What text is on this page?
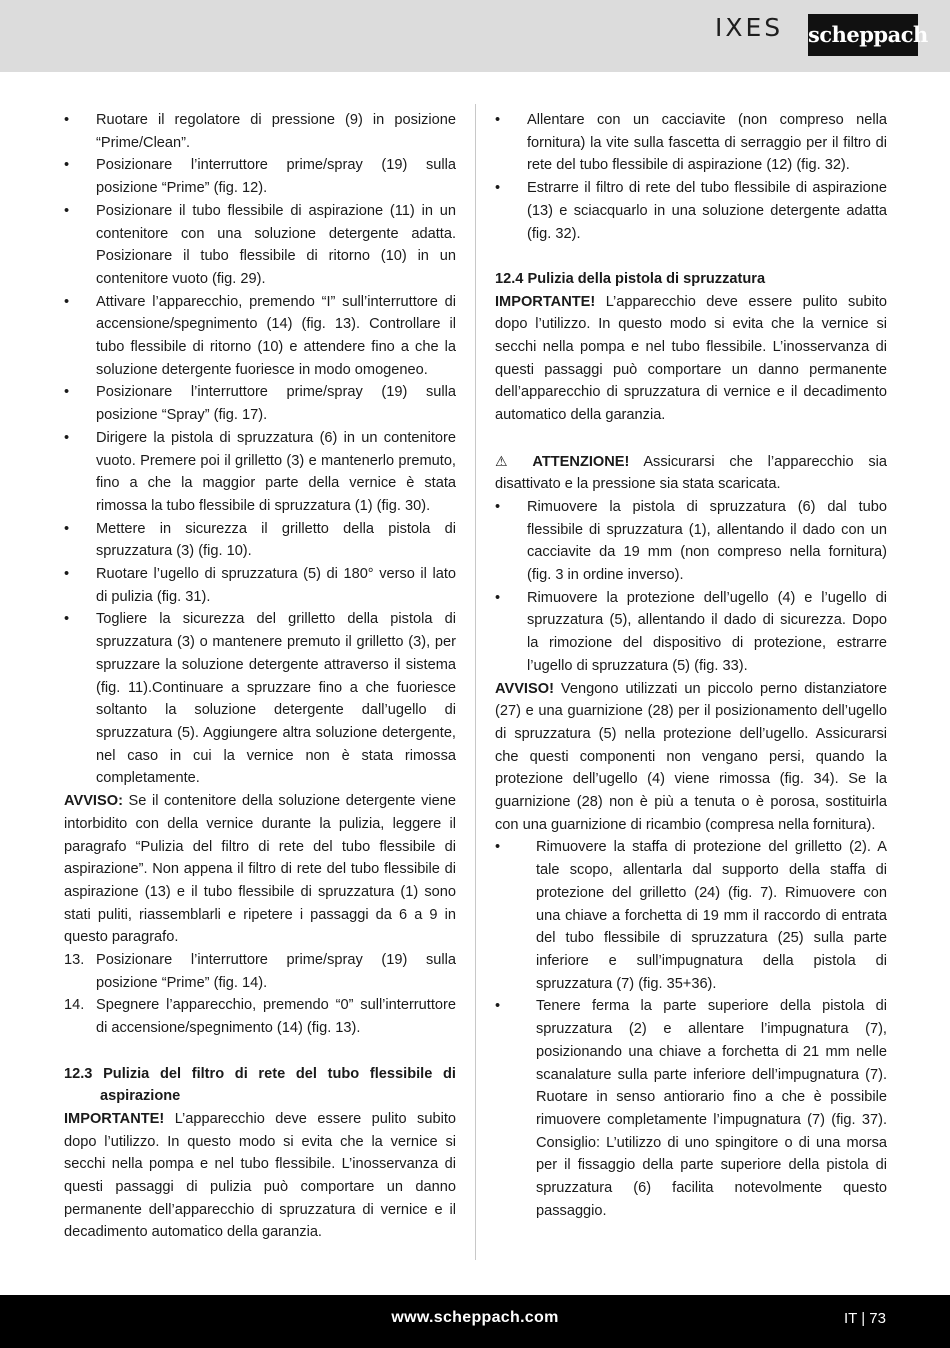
IXES scheppach
• Ruotare il regolatore di pressione (9) in posizione “Prime/Clean”.
• Posizionare l’interruttore prime/spray (19) sulla posizione “Prime” (fig. 12).
• Posizionare il tubo flessibile di aspirazione (11) in un contenitore con una soluzione detergente adatta. Posizionare il tubo flessibile di ritorno (10) in un contenitore vuoto (fig. 29).
• Attivare l’apparecchio, premendo “I” sull’interruttore di accensione/spegnimento (14) (fig. 13). Controllare il tubo flessibile di ritorno (10) e attendere fino a che la soluzione detergente fuoriesce in modo omogeneo.
• Posizionare l’interruttore prime/spray (19) sulla posizione “Spray” (fig. 17).
• Dirigere la pistola di spruzzatura (6) in un contenitore vuoto. Premere poi il grilletto (3) e mantenerlo premuto, fino a che la maggior parte della vernice è stata rimossa la tubo flessibile di spruzzatura (1) (fig. 30).
• Mettere in sicurezza il grilletto della pistola di spruzzatura (3) (fig. 10).
• Ruotare l’ugello di spruzzatura (5) di 180° verso il lato di pulizia (fig. 31).
• Togliere la sicurezza del grilletto della pistola di spruzzatura (3) o mantenere premuto il grilletto (3), per spruzzare la soluzione detergente attraverso il sistema (fig. 11).Continuare a spruzzare fino a che fuoriesce soltanto la soluzione detergente dall’ugello di spruzzatura (5). Aggiungere altra soluzione detergente, nel caso in cui la vernice non è stata rimossa completamente.
AVVISO: Se il contenitore della soluzione detergente viene intorbidito con della vernice durante la pulizia, leggere il paragrafo “Pulizia del filtro di rete del tubo flessibile di aspirazione”. Non appena il filtro di rete del tubo flessibile di aspirazione (13) e il tubo flessibile di spruzzatura (1) sono stati puliti, riassemblarli e ripetere i passaggi da 6 a 9 in questo paragrafo.
13. Posizionare l’interruttore prime/spray (19) sulla posizione “Prime” (fig. 14).
14. Spegnere l’apparecchio, premendo “0” sull’interruttore di accensione/spegnimento (14) (fig. 13).
12.3 Pulizia del filtro di rete del tubo flessibile di aspirazione
IMPORTANTE! L’apparecchio deve essere pulito subito dopo l’utilizzo. In questo modo si evita che la vernice si secchi nella pompa e nel tubo flessibile. L’inosservanza di questi passaggi di pulizia può comportare un danno permanente dell’apparecchio di spruzzatura di vernice e il decadimento automatico della garanzia.
• Allentare con un cacciavite (non compreso nella fornitura) la vite sulla fascetta di serraggio per il filtro di rete del tubo flessibile di aspirazione (12) (fig. 32).
• Estrarre il filtro di rete del tubo flessibile di aspirazione (13) e sciacquarlo in una soluzione detergente adatta (fig. 32).
12.4 Pulizia della pistola di spruzzatura
IMPORTANTE! L’apparecchio deve essere pulito subito dopo l’utilizzo. In questo modo si evita che la vernice si secchi nella pompa e nel tubo flessibile. L’inosservanza di questi passaggi può comportare un danno permanente dell’apparecchio di spruzzatura di vernice e il decadimento automatico della garanzia.
⚠ ATTENZIONE! Assicurarsi che l’apparecchio sia disattivato e la pressione sia stata scaricata.
• Rimuovere la pistola di spruzzatura (6) dal tubo flessibile di spruzzatura (1), allentando il dado con un cacciavite da 19 mm (non compreso nella fornitura) (fig. 3 in ordine inverso).
• Rimuovere la protezione dell’ugello (4) e l’ugello di spruzzatura (5), allentando il dado di sicurezza. Dopo la rimozione del dispositivo di protezione, estrarre l’ugello di spruzzatura (5) (fig. 33).
AVVISO! Vengono utilizzati un piccolo perno distanziatore (27) e una guarnizione (28) per il posizionamento dell’ugello di spruzzatura (5) nella protezione dell’ugello. Assicurarsi che questi componenti non vengano persi, quando la protezione dell’ugello (4) viene rimossa (fig. 34). Se la guarnizione (28) non è più a tenuta o è porosa, sostituirla con una guarnizione di ricambio (compresa nella fornitura).
• Rimuovere la staffa di protezione del grilletto (2). A tale scopo, allentarla dal supporto della staffa di protezione del grilletto (24) (fig. 7). Rimuovere con una chiave a forchetta di 19 mm il raccordo di entrata del tubo flessibile di spruzzatura (25) sulla parte inferiore e sull’impugnatura della pistola di spruzzatura (7) (fig. 35+36).
• Tenere ferma la parte superiore della pistola di spruzzatura (2) e allentare l’impugnatura (7), posizionando una chiave a forchetta di 21 mm nelle scanalature sulla parte inferiore dell’impugnatura (7). Ruotare in senso antiorario fino a che è possibile rimuovere completamente l’impugnatura (7) (fig. 37). Consiglio: L’utilizzo di uno spingitore o di una morsa per il fissaggio della parte superiore della pistola di spruzzatura (6) facilita notevolmente questo passaggio.
www.scheppach.com	IT | 73
